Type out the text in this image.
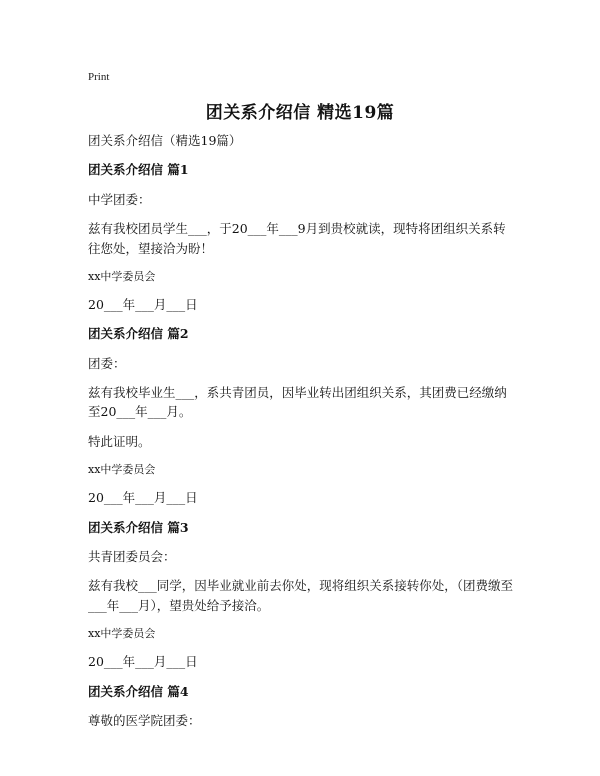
Print
团关系介绍信 精选19篇

团关系介绍信（精选19篇）

团关系介绍信 篇1

中学团委：

兹有我校团员学生___，于20___年___9月到贵校就读，现特将团组织关系转往您处，望接洽为盼！

xx中学委员会

20___年___月___日

团关系介绍信 篇2

团委：

兹有我校毕业生___，系共青团员，因毕业转出团组织关系，其团费已经缴纳至20___年___月。

特此证明。

xx中学委员会

20___年___月___日

团关系介绍信 篇3

共青团委员会：

兹有我校___同学，因毕业就业前去你处，现将组织关系接转你处，（团费缴至___年___月），望贵处给予接洽。

xx中学委员会

20___年___月___日

团关系介绍信 篇4

尊敬的医学院团委：
